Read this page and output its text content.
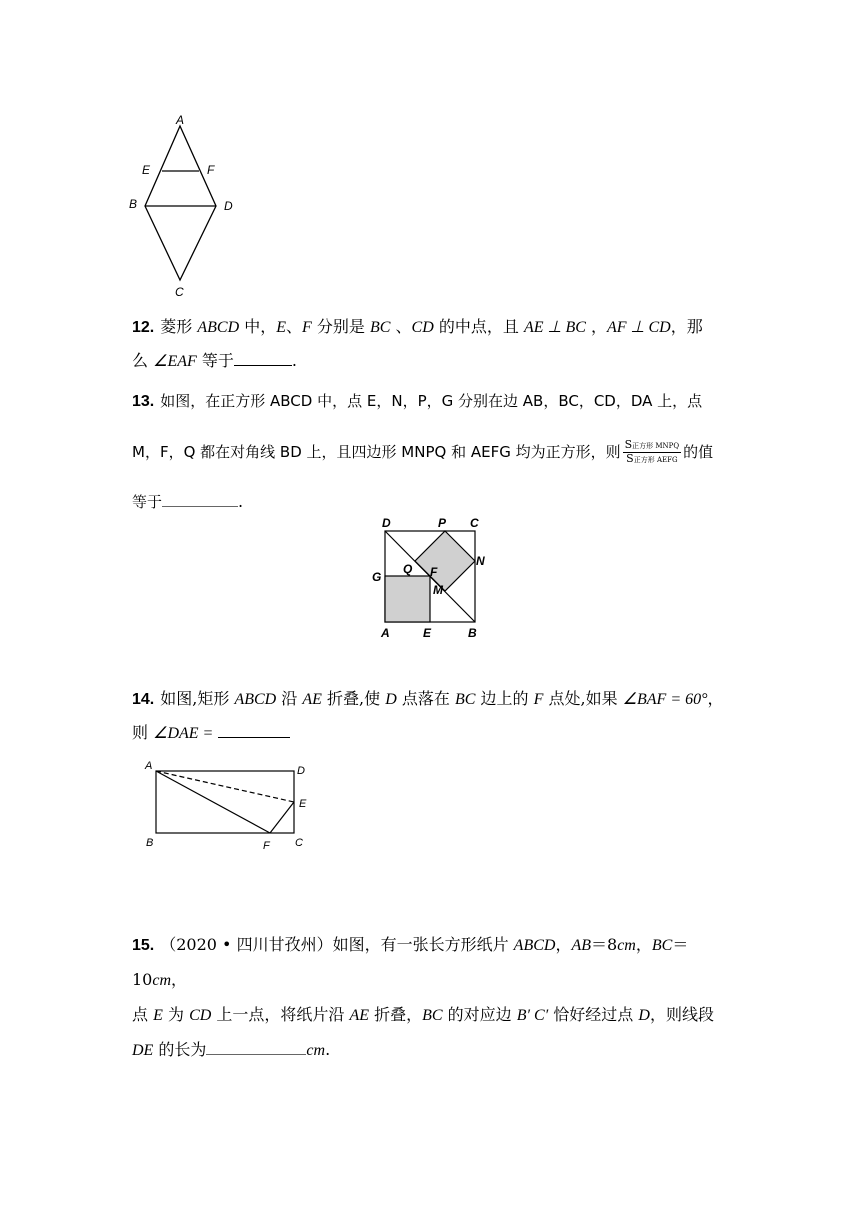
A
E	F
B	D
C
12. 菱形 ABCD 中，E、F 分别是 BC 、CD 的中点，且 AE ⊥ BC ，AF ⊥ CD，那
么 ∠EAF 等于	.
13. 如图，在正方形 ABCD 中，点 E，N，P，G 分别在边 AB，BC，CD，DA 上，点
M，F，Q 都在对角线 BD 上，且四边形 MNPQ 和 AEFG 均为正方形，则 $\frac{\text{S正方形 MNPQ}}{\text{S正方形 AEFG}}$ 的值
等于	.
D	P C
N
G
Q F
M
A	E	B
14. 如图,矩形 ABCD 沿 AE 折叠,使 D 点落在 BC 边上的 F 点处,如果 ∠BAF = 60°，
则 ∠DAE =
A	D
E
B	F C
15. （2020 • 四川甘孜州）如图，有一张长方形纸片 ABCD，AB＝8cm，BC＝10cm，
点 E 为 CD 上一点，将纸片沿 AE 折叠，BC 的对应边 B′ C′ 恰好经过点 D，则线段
DE 的长为	cm.
